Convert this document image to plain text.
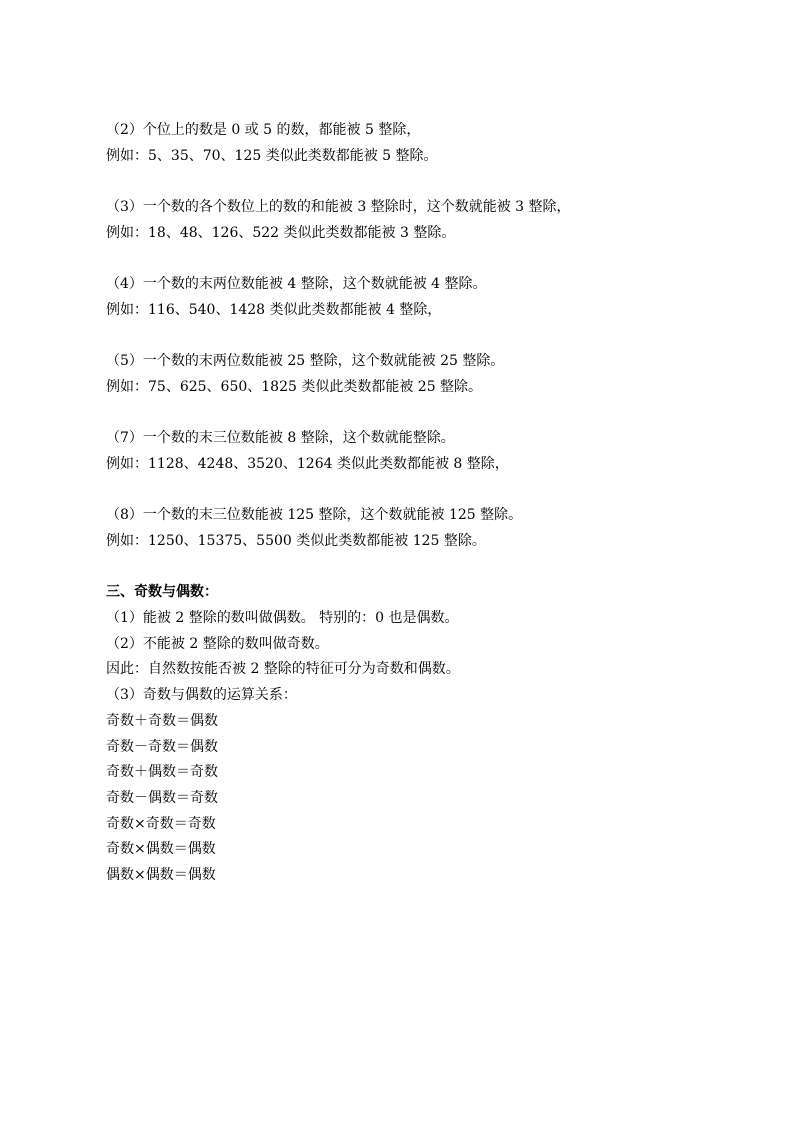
（2）个位上的数是 0 或 5 的数，都能被 5 整除，
例如：5、35、70、125 类似此类数都能被 5 整除。
（3）一个数的各个数位上的数的和能被 3 整除时，这个数就能被 3 整除，
例如：18、48、126、522 类似此类数都能被 3 整除。
（4）一个数的末两位数能被 4 整除，这个数就能被 4 整除。
例如：116、540、1428 类似此类数都能被 4 整除，
（5）一个数的末两位数能被 25 整除，这个数就能被 25 整除。
例如：75、625、650、1825 类似此类数都能被 25 整除。
（7）一个数的末三位数能被 8 整除，这个数就能整除。
例如：1128、4248、3520、1264 类似此类数都能被 8 整除，
（8）一个数的末三位数能被 125 整除，这个数就能被 125 整除。
例如：1250、15375、5500 类似此类数都能被 125 整除。
三、奇数与偶数：
（1）能被 2 整除的数叫做偶数。 特别的：0 也是偶数。
（2）不能被 2 整除的数叫做奇数。
因此：自然数按能否被 2 整除的特征可分为奇数和偶数。
（3）奇数与偶数的运算关系：
奇数＋奇数＝偶数
奇数－奇数＝偶数
奇数＋偶数＝奇数
奇数－偶数＝奇数
奇数×奇数＝奇数
奇数×偶数＝偶数
偶数×偶数＝偶数
